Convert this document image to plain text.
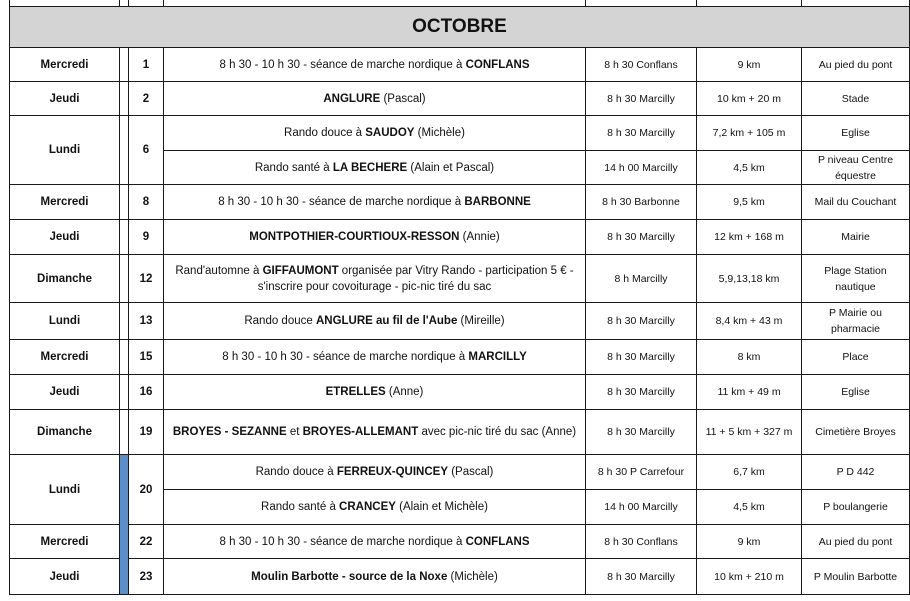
OCTOBRE						
Mercredi		1	8 h 30 - 10 h 30 - séance de marche nordique à CONFLANS	8 h 30 Conflans	9 km	Au pied du pont
Jeudi		2	ANGLURE (Pascal)	8 h 30 Marcilly	10 km + 20 m	Stade
Lundi		6	Rando douce à SAUDOY (Michèle)	8 h 30 Marcilly	7,2 km + 105 m	Eglise
			Rando santé à LA BECHERE (Alain et Pascal)	14 h 00 Marcilly	4,5 km	P niveau Centre équestre
Mercredi		8	8 h 30 - 10 h 30 - séance de marche nordique à BARBONNE	8 h 30 Barbonne	9,5 km	Mail du Couchant
Jeudi		9	MONTPOTHIER-COURTIOUX-RESSON (Annie)	8 h 30 Marcilly	12 km + 168 m	Mairie
Dimanche		12	Rand'automne à GIFFAUMONT organisée par Vitry Rando - participation 5 € - s'inscrire pour covoiturage - pic-nic tiré du sac	8 h Marcilly	5,9,13,18 km	Plage Station nautique
Lundi		13	Rando douce ANGLURE au fil de l'Aube (Mireille)	8 h 30 Marcilly	8,4 km + 43 m	P Mairie ou pharmacie
Mercredi		15	8 h 30 - 10 h 30 - séance de marche nordique à MARCILLY	8 h 30 Marcilly	8 km	Place
Jeudi		16	ETRELLES (Anne)	8 h 30 Marcilly	11 km + 49 m	Eglise
Dimanche		19	BROYES - SEZANNE et BROYES-ALLEMANT avec pic-nic tiré du sac (Anne)	8 h 30 Marcilly	11 + 5 km + 327 m	Cimetière Broyes
Lundi		20	Rando douce à FERREUX-QUINCEY (Pascal)	8 h 30 P Carrefour	6,7 km	P D 442
			Rando santé à CRANCEY (Alain et Michèle)	14 h 00 Marcilly	4,5 km	P boulangerie
Mercredi		22	8 h 30 - 10 h 30 - séance de marche nordique à CONFLANS	8 h 30 Conflans	9 km	Au pied du pont
Jeudi		23	Moulin Barbotte - source de la Noxe (Michèle)	8 h 30 Marcilly	10 km + 210 m	P Moulin Barbotte
